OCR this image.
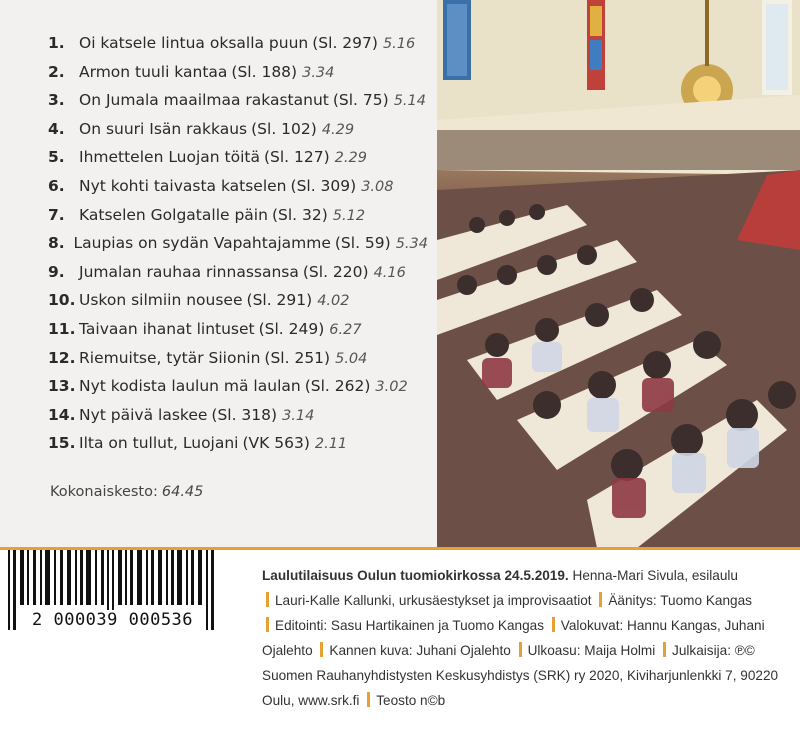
1. Oi katsele lintua oksalla puun (Sl. 297) 5.16
2. Armon tuuli kantaa (Sl. 188) 3.34
3. On Jumala maailmaa rakastanut (Sl. 75) 5.14
4. On suuri Isän rakkaus (Sl. 102) 4.29
5. Ihmettelen Luojan töitä (Sl. 127) 2.29
6. Nyt kohti taivasta katselen (Sl. 309) 3.08
7. Katselen Golgatalle päin (Sl. 32) 5.12
8. Laupias on sydän Vapahtajamme (Sl. 59) 5.34
9. Jumalan rauhaa rinnassansa (Sl. 220) 4.16
10. Uskon silmiin nousee (Sl. 291) 4.02
11. Taivaan ihanat lintuset (Sl. 249) 6.27
12. Riemuitse, tytär Siionin (Sl. 251) 5.04
13. Nyt kodista laulun mä laulan (Sl. 262) 3.02
14. Nyt päivä laskee (Sl. 318) 3.14
15. Ilta on tullut, Luojani (VK 563) 2.11
Kokonaiskesto: 64.45
2 000039 000536
Laulutilaisuus Oulun tuomiokirkossa 24.5.2019. Henna-Mari Sivula, esilaulu
Lauri-Kalle Kallunki, urkusäestykset ja improvisaatiot Äänitys: Tuomo Kangas
Editointi: Sasu Hartikainen ja Tuomo Kangas Valokuvat: Hannu Kangas, Juhani Ojalehto Kannen kuva: Juhani Ojalehto Ulkoasu: Maija Holmi Julkaisija: ℗©
Suomen Rauhanyhdistysten Keskusyhdistys (SRK) ry 2020, Kiviharjunlenkki 7, 90220 Oulu, www.srk.fi Teosto n©b
